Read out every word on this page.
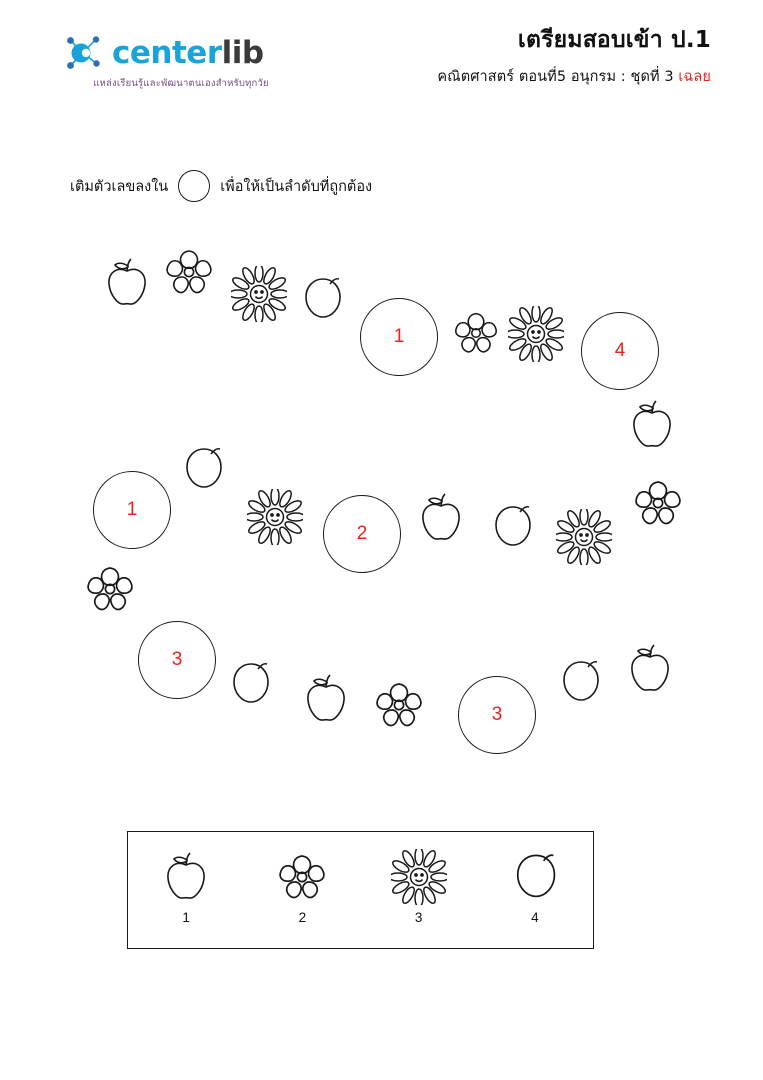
centerlib
แหล่งเรียนรู้และพัฒนาตนเองสำหรับทุกวัย
เตรียมสอบเข้า ป.1
คณิตศาสตร์ ตอนที่5 อนุกรม : ชุดที่ 3 เฉลย
เติมตัวเลขลงใน	เพื่อให้เป็นลำดับที่ถูกต้อง
1
4
1
2
3
3
1	2	3	4
